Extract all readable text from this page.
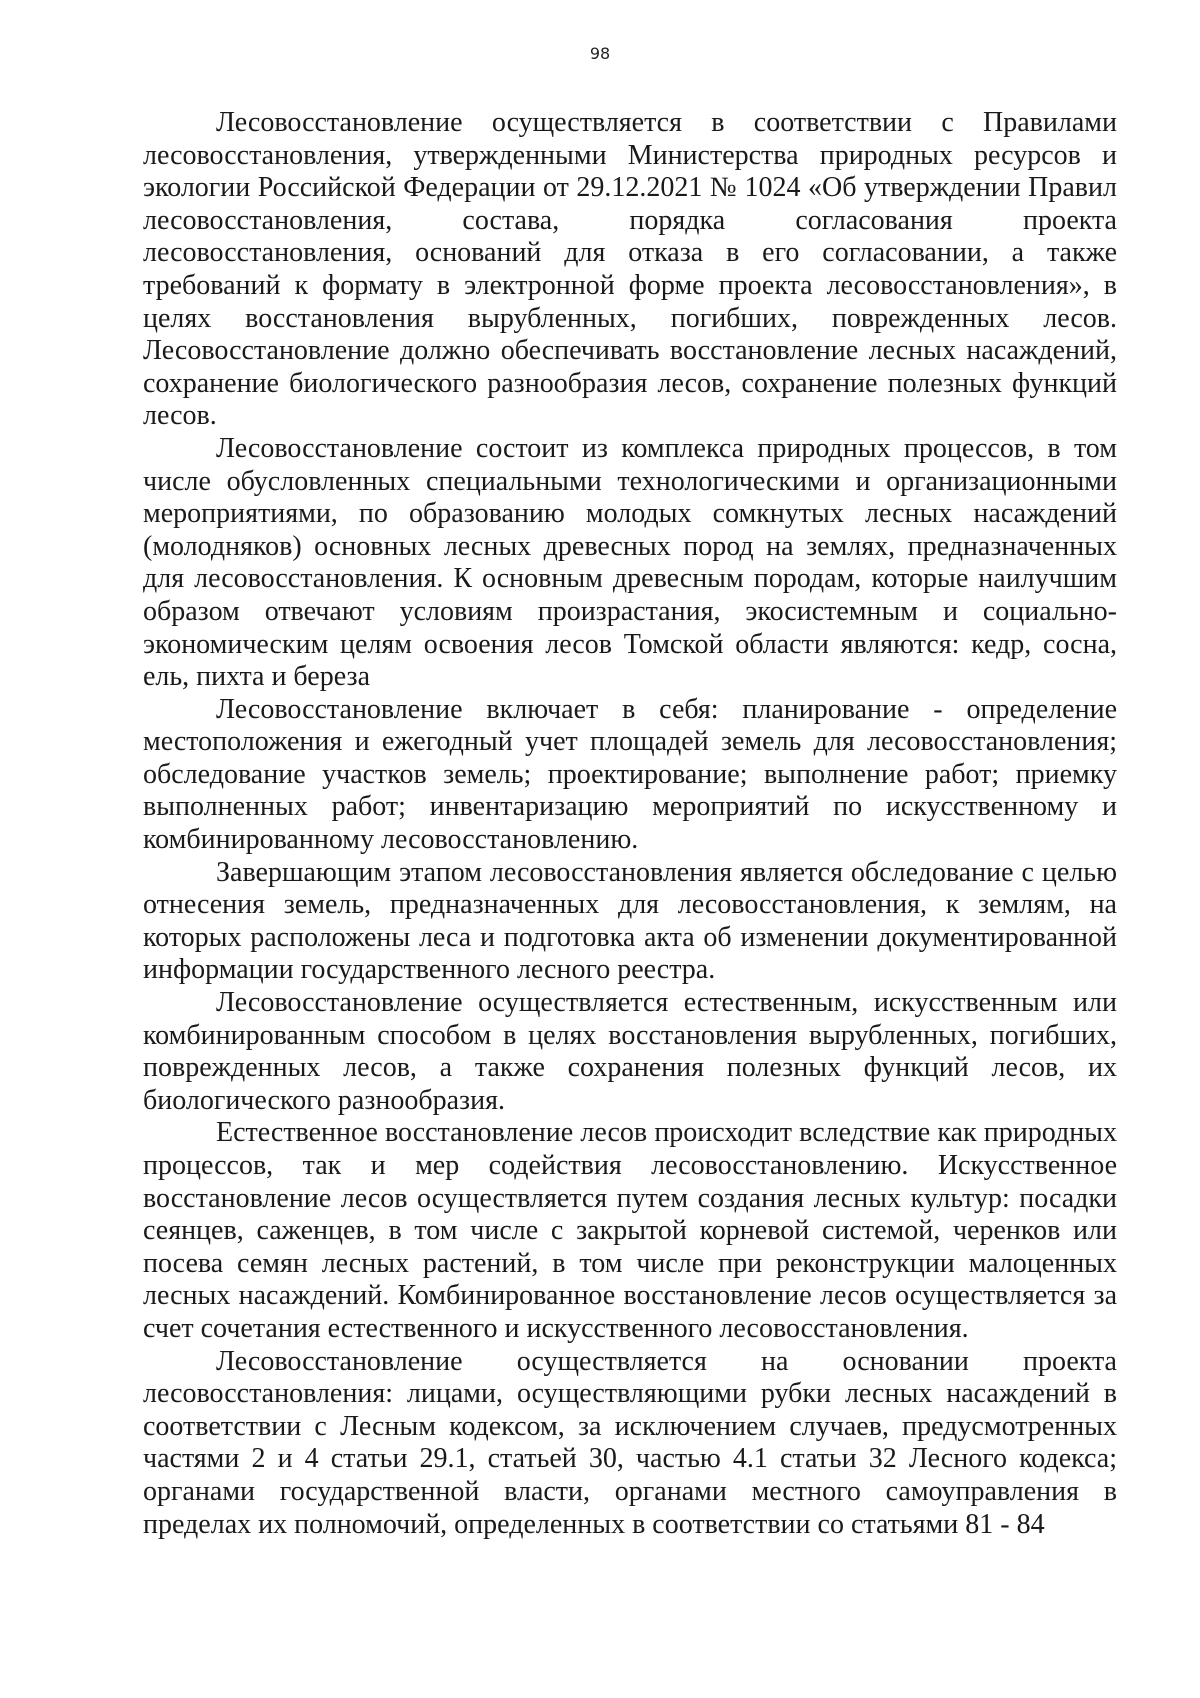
98

Лесовосстановление осуществляется в соответствии с Правилами лесовосстановления, утвержденными Министерства природных ресурсов и экологии Российской Федерации от 29.12.2021 № 1024 «Об утверждении Правил лесовосстановления, состава, порядка согласования проекта лесовосстановления, оснований для отказа в его согласовании, а также требований к формату в электронной форме проекта лесовосстановления», в целях восстановления вырубленных, погибших, поврежденных лесов. Лесовосстановление должно обеспечивать восстановление лесных насаждений, сохранение биологического разнообразия лесов, сохранение полезных функций лесов.

Лесовосстановление состоит из комплекса природных процессов, в том числе обусловленных специальными технологическими и организационными мероприятиями, по образованию молодых сомкнутых лесных насаждений (молодняков) основных лесных древесных пород на землях, предназначенных для лесовосстановления. К основным древесным породам, которые наилучшим образом отвечают условиям произрастания, экосистемным и социально-экономическим целям освоения лесов Томской области являются: кедр, сосна, ель, пихта и береза

Лесовосстановление включает в себя: планирование - определение местоположения и ежегодный учет площадей земель для лесовосстановления; обследование участков земель; проектирование; выполнение работ; приемку выполненных работ; инвентаризацию мероприятий по искусственному и комбинированному лесовосстановлению.

Завершающим этапом лесовосстановления является обследование с целью отнесения земель, предназначенных для лесовосстановления, к землям, на которых расположены леса и подготовка акта об изменении документированной информации государственного лесного реестра.

Лесовосстановление осуществляется естественным, искусственным или комбинированным способом в целях восстановления вырубленных, погибших, поврежденных лесов, а также сохранения полезных функций лесов, их биологического разнообразия.

Естественное восстановление лесов происходит вследствие как природных процессов, так и мер содействия лесовосстановлению. Искусственное восстановление лесов осуществляется путем создания лесных культур: посадки сеянцев, саженцев, в том числе с закрытой корневой системой, черенков или посева семян лесных растений, в том числе при реконструкции малоценных лесных насаждений. Комбинированное восстановление лесов осуществляется за счет сочетания естественного и искусственного лесовосстановления.

Лесовосстановление осуществляется на основании проекта лесовосстановления: лицами, осуществляющими рубки лесных насаждений в соответствии с Лесным кодексом, за исключением случаев, предусмотренных частями 2 и 4 статьи 29.1, статьей 30, частью 4.1 статьи 32 Лесного кодекса; органами государственной власти, органами местного самоуправления в пределах их полномочий, определенных в соответствии со статьями 81 - 84
